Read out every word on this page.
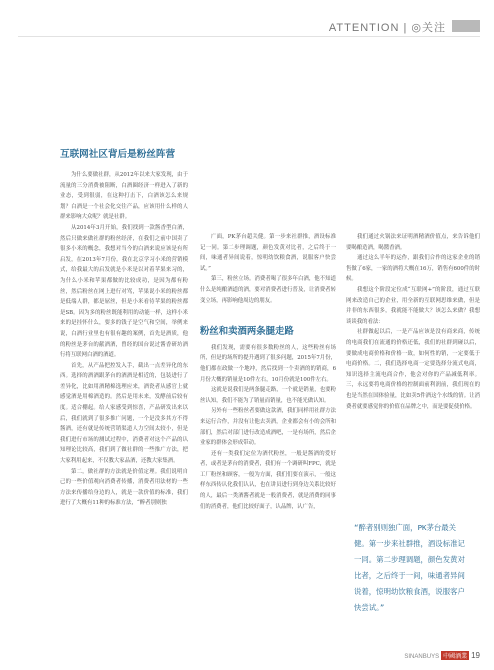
ATTENTION | ◎关注
互联网社区背后是粉丝阵营

为什么要做社群，从2012年以来大家发现，由于流量的三分消费被阻断，白酒圈经济一样进入了新的业态，受到很弱，在这种打击下，白酒该怎么来规划？白酒是一个社会化交往产品，应该用什么样的人群来影响大众呢？就是社群。

从2014年3月开始，我们找到一款酱香型白酒，然后只做来做社群的粉丝经济，在我们之前中国卖了很多小米的概念，我想对当今的白酒来说应该是有所启发，在2013年7月份，我在北京学习小米的营销模式，给我最大的启发就是小米是以对着苹果来习的，为什么小米和苹果都做的比较成功，是因为都有粉丝，然后粉丝在网上进行对骂，苹果说小米的粉丝都是低端人群，都是屌丝，但是小米看待苹果的粉丝都是SB。因为多的粉丝既能利用的动能一样，这样小米来的是挂怀什么，要多的钱子是空气和空间，举例来说，白酒行业里也有很有趣的案例，首先是酒质，他的粉丝是茅台的献酒酒，曾经的国台说过酱香研坊酒行将互联网白酒的酒道。

首先，从产品把控发入手，截出一点差异化的东西。选择的酒酒跟茅台的酒酒是相近的，包装进行了差异化，比如用酒精棉选理应来，酒瓷者从感官上就感觉酒是用棉酒造的。然后是用未来，发酵前后较有度。适合棚起。给人家感受到惊喜，产品研发出来以后，我们就到了很多推广问题，一个是没多其方不得酱酒，还有就是传统营销渠道人力空间太较小，但是我们进行市场的测试过程中，消费者对这个产品的认知理论比较高，我们到了做社群的一些推广方法，把大家利用起来，不仅教大家品酒，还教大家集酒。

第二，做社群的方法就是价值定理。我们说明自己的一些价值观向消费者传播，消费者用法材的一些方法来传播给身边的人，就是一款价值的标准，我们进行了大概有11种的标准方法，“醉者别则独

广面，PK茅台超关健。第一步来社群推，酒设标准记一同。第二步理调题，颜色发黄对比者，之后终于一间，味通者异间说着，惊明幼饮粮食酒，说服客户快尝试。”

第三，粉丝立场。消费者喝了很多年白酒，他不知道什么是纯酿酒道的酒，要对消费者进行普及，让消费者转变立场，再影响他周边的朋友。

粉丝和卖酒两条腿走路

我们发现，需要有很多数粉丝的人，这些粉丝有场所，但是的场所的提升遇到了很多问题，2015年7月份，他们都在政做一个地冲，然后找到一个卖酒的的销商，6月份大概的销量是10件左右，10月份就是100件左右。

这就是说我们是两条腿走路，一个就是销量，也要粉丝认知，我们不能为了销量而销量，也不能光做认知。

另外有一些粉丝者要做这款酒，我们同样用社群方法来运行合作，并没有让他去卖酒，企业都会有小的会所和部们，然后对部门进行改造成酒吧，一是有场所，然后企业家的群体会形成带动。

还有一类我们定位为酒代粉丝，一般是酱酒的爱好者，或者是茅台的消费者，我们有一个调研叫FPC，就是工厂粉丝和顾客，一般为方面，我们们要在演示，一般这样东西传认化我们认认，也在讲员进行到身边关系比较好的人，最后一类酒酱者就是一般消费者，就是消费的同事们的消费者，他们比较好面子，认品牌，认广告，

我们通过火锅法来证明酒精酒价值点，来告诉他们要喝酿造酒，喝醬香酒。

通过这么半年的运作，跟我们合作的这家企业的销售做了6家，一家的酒将大概在16万，销售有600件的时候。

我想这个阶段定位成“互联网+”的阶段，通过互联网来改造自己的企业，用全新的互联网思维来做，但是并非的东西很多，我就能不能做大？该怎么来做？我想谈谈我的看法：

社群做起以后，一是产品应该是没有商来商，传统的电商我们在流通的价格还低，我们的社群到碰以后，要做成电商价格和价格一致，如何性的销，一定要低于电商价格。二，我们选择电商一定要选择分流式电商，知识选择主流电商合作，他会对你的产品减低利率。三，永远要将电商价格的控制面前利润前，我们现在的也是当然在国体验量，比如卖5件酒这个水线的情。让消费者就要感觉你的价值在品牌之中，而是要促使价格。

“醉者别则独广面，PK茅台最关健。第一步来社群推，酒设标准记一同。第二步理调题，颜色发黄对比者，之后终于一间，味通者异间说着，惊明幼饮粮食酒，说服客户快尝试。”
SINANBUYS 中國酒業 19
